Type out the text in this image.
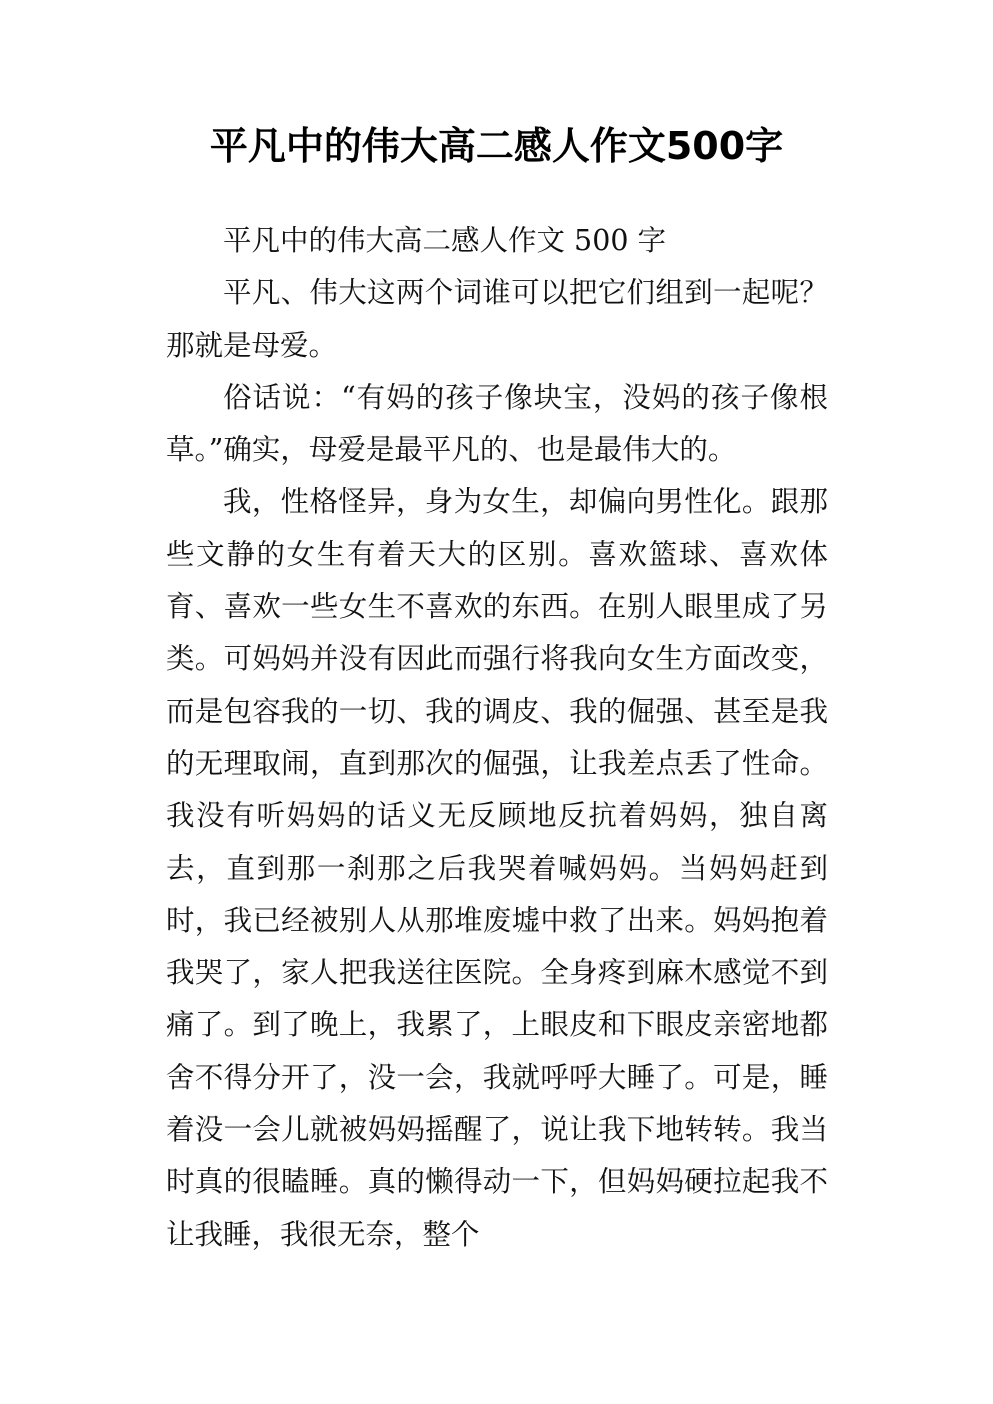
平凡中的伟大高二感人作文500字

平凡中的伟大高二感人作文 500 字

平凡、伟大这两个词谁可以把它们组到一起呢？那就是母爱。

俗话说：“有妈的孩子像块宝，没妈的孩子像根草。”确实，母爱是最平凡的、也是最伟大的。

我，性格怪异，身为女生，却偏向男性化。跟那些文静的女生有着天大的区别。喜欢篮球、喜欢体育、喜欢一些女生不喜欢的东西。在别人眼里成了另类。可妈妈并没有因此而强行将我向女生方面改变，而是包容我的一切、我的调皮、我的倔强、甚至是我的无理取闹，直到那次的倔强，让我差点丢了性命。我没有听妈妈的话义无反顾地反抗着妈妈，独自离去，直到那一刹那之后我哭着喊妈妈。当妈妈赶到时，我已经被别人从那堆废墟中救了出来。妈妈抱着我哭了，家人把我送往医院。全身疼到麻木感觉不到痛了。到了晚上，我累了，上眼皮和下眼皮亲密地都舍不得分开了，没一会，我就呼呼大睡了。可是，睡着没一会儿就被妈妈摇醒了，说让我下地转转。我当时真的很瞌睡。真的懒得动一下，但妈妈硬拉起我不让我睡，我很无奈，整个
